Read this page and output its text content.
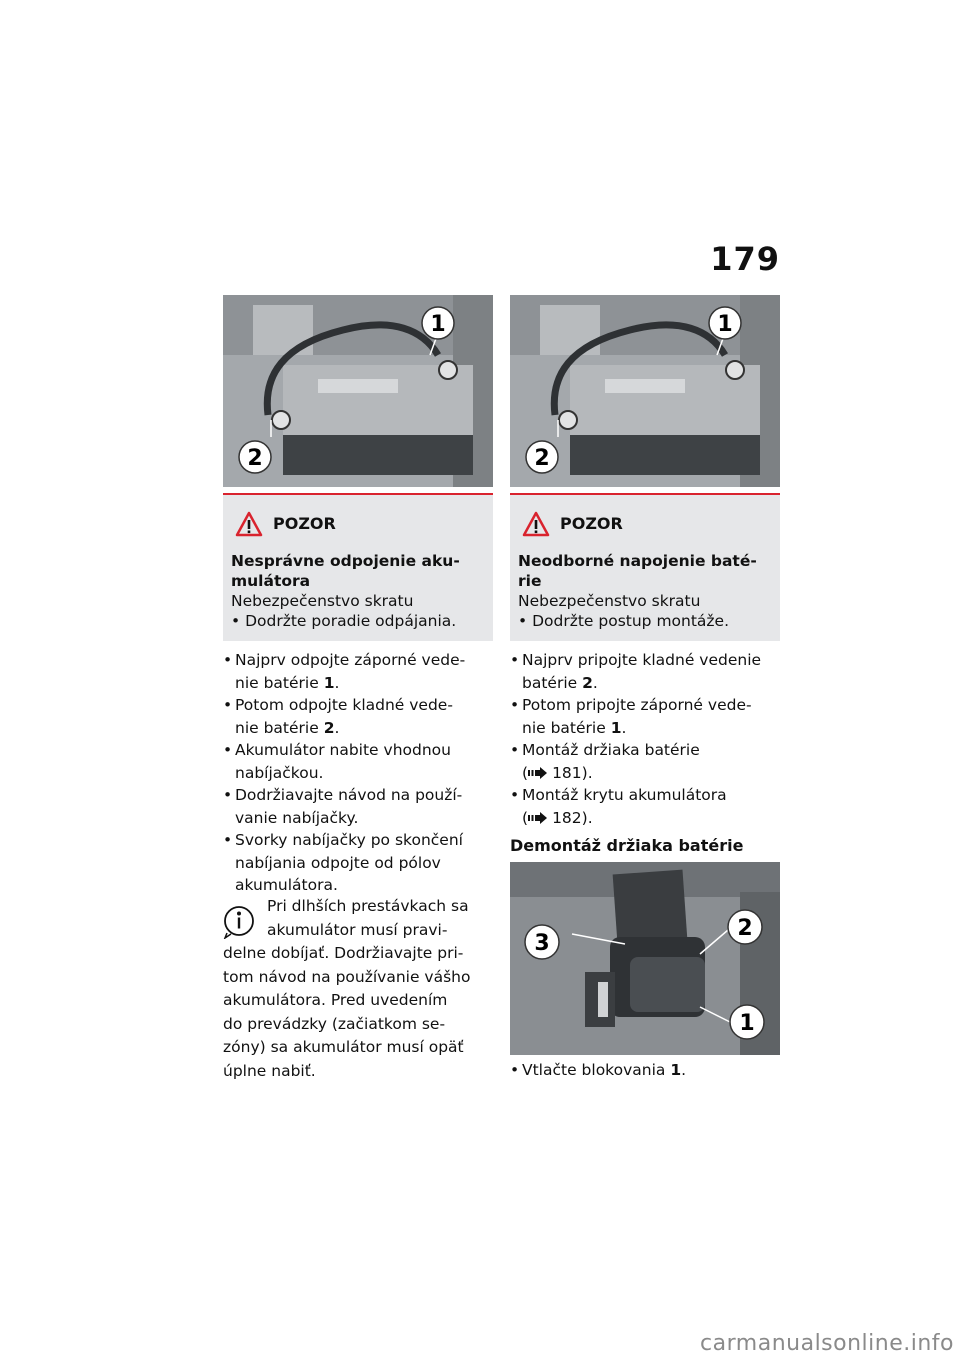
179
1
2
POZOR
Nesprávne odpojenie aku-
mulátora
Nebezpečenstvo skratu
• Dodržte poradie odpájania.
• Najprv odpojte záporné vede-
nie batérie 1.
• Potom odpojte kladné vede-
nie batérie 2.
• Akumulátor nabite vhodnou
nabíjačkou.
• Dodržiavajte návod na použí-
vanie nabíjačky.
• Svorky nabíjačky po skončení
nabíjania odpojte od pólov
akumulátora.
Pri dlhších prestávkach sa
akumulátor musí pravi-
delne dobíjať. Dodržiavajte pri-
tom návod na používanie vášho
akumulátora. Pred uvedením
do prevádzky (začiatkom se-
zóny) sa akumulátor musí opäť
úplne nabiť.
1
2
POZOR
Neodborné napojenie baté-
rie
Nebezpečenstvo skratu
• Dodržte postup montáže.
• Najprv pripojte kladné vedenie
batérie 2.
• Potom pripojte záporné vede-
nie batérie 1.
• Montáž držiaka batérie
( 181).
• Montáž krytu akumulátora
( 182).
Demontáž držiaka batérie
3
2
1
• Vtlačte blokovania 1.
carmanualsonline.info
